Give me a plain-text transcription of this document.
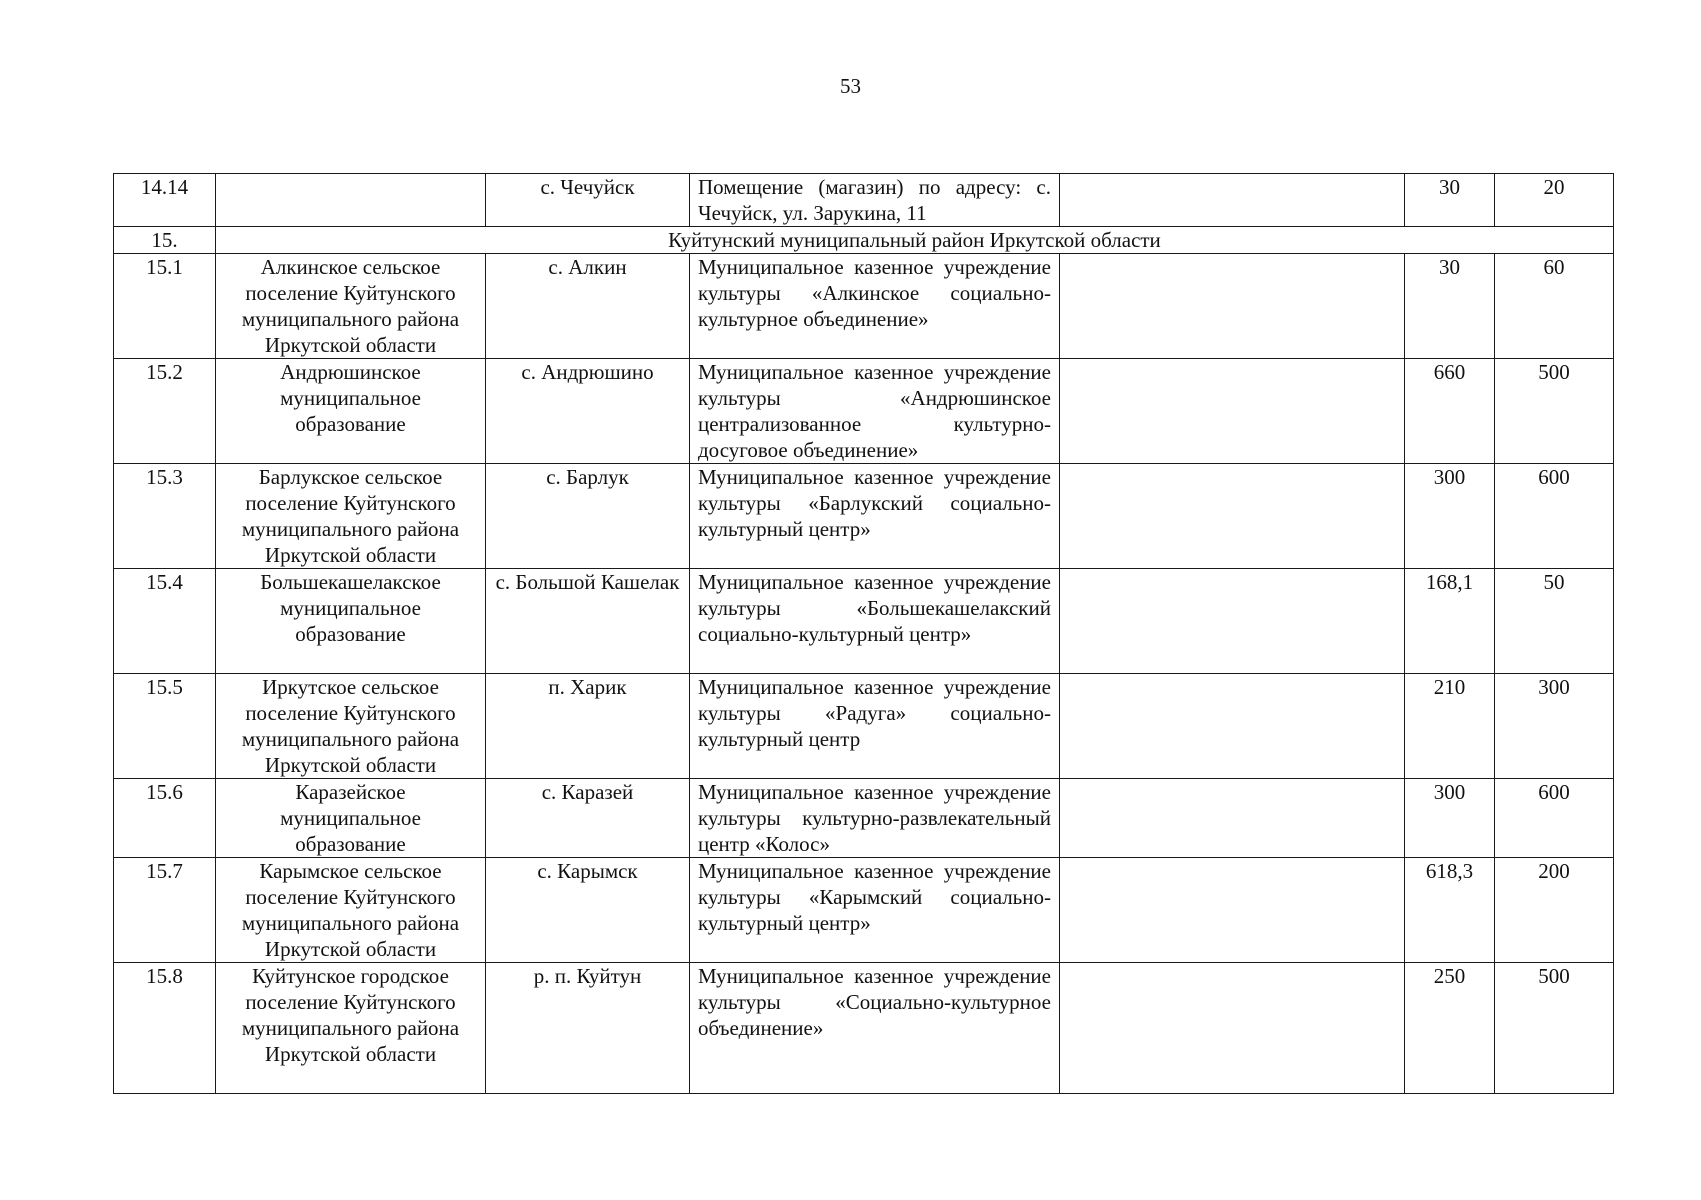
53
14.14		с. Чечуйск	Помещение (магазин) по адресу: с. Чечуйск, ул. Зарукина, 11		30	20
15.	Куйтунский муниципальный район Иркутской области					
15.1	Алкинское сельское поселение Куйтунского муниципального района Иркутской области	с. Алкин	Муниципальное казенное учреждение культуры «Алкинское социально-культурное объединение»		30	60
15.2	Андрюшинское муниципальное образование	с. Андрюшино	Муниципальное казенное учреждение культуры «Андрюшинское централизованное культурно-досуговое объединение»		660	500
15.3	Барлукское сельское поселение Куйтунского муниципального района Иркутской области	с. Барлук	Муниципальное казенное учреждение культуры «Барлукский социально-культурный центр»		300	600
15.4	Большекашелакское муниципальное образование	с. Большой Кашелак	Муниципальное казенное учреждение культуры «Большекашелакский социально-культурный центр»		168,1	50
15.5	Иркутское сельское поселение Куйтунского муниципального района Иркутской области	п. Харик	Муниципальное казенное учреждение культуры «Радуга» социально-культурный центр		210	300
15.6	Каразейское муниципальное образование	с. Каразей	Муниципальное казенное учреждение культуры культурно-развлекательный центр «Колос»		300	600
15.7	Карымское сельское поселение Куйтунского муниципального района Иркутской области	с. Карымск	Муниципальное казенное учреждение культуры «Карымский социально-культурный центр»		618,3	200
15.8	Куйтунское городское поселение Куйтунского муниципального района Иркутской области	р. п. Куйтун	Муниципальное казенное учреждение культуры «Социально-культурное объединение»		250	500
